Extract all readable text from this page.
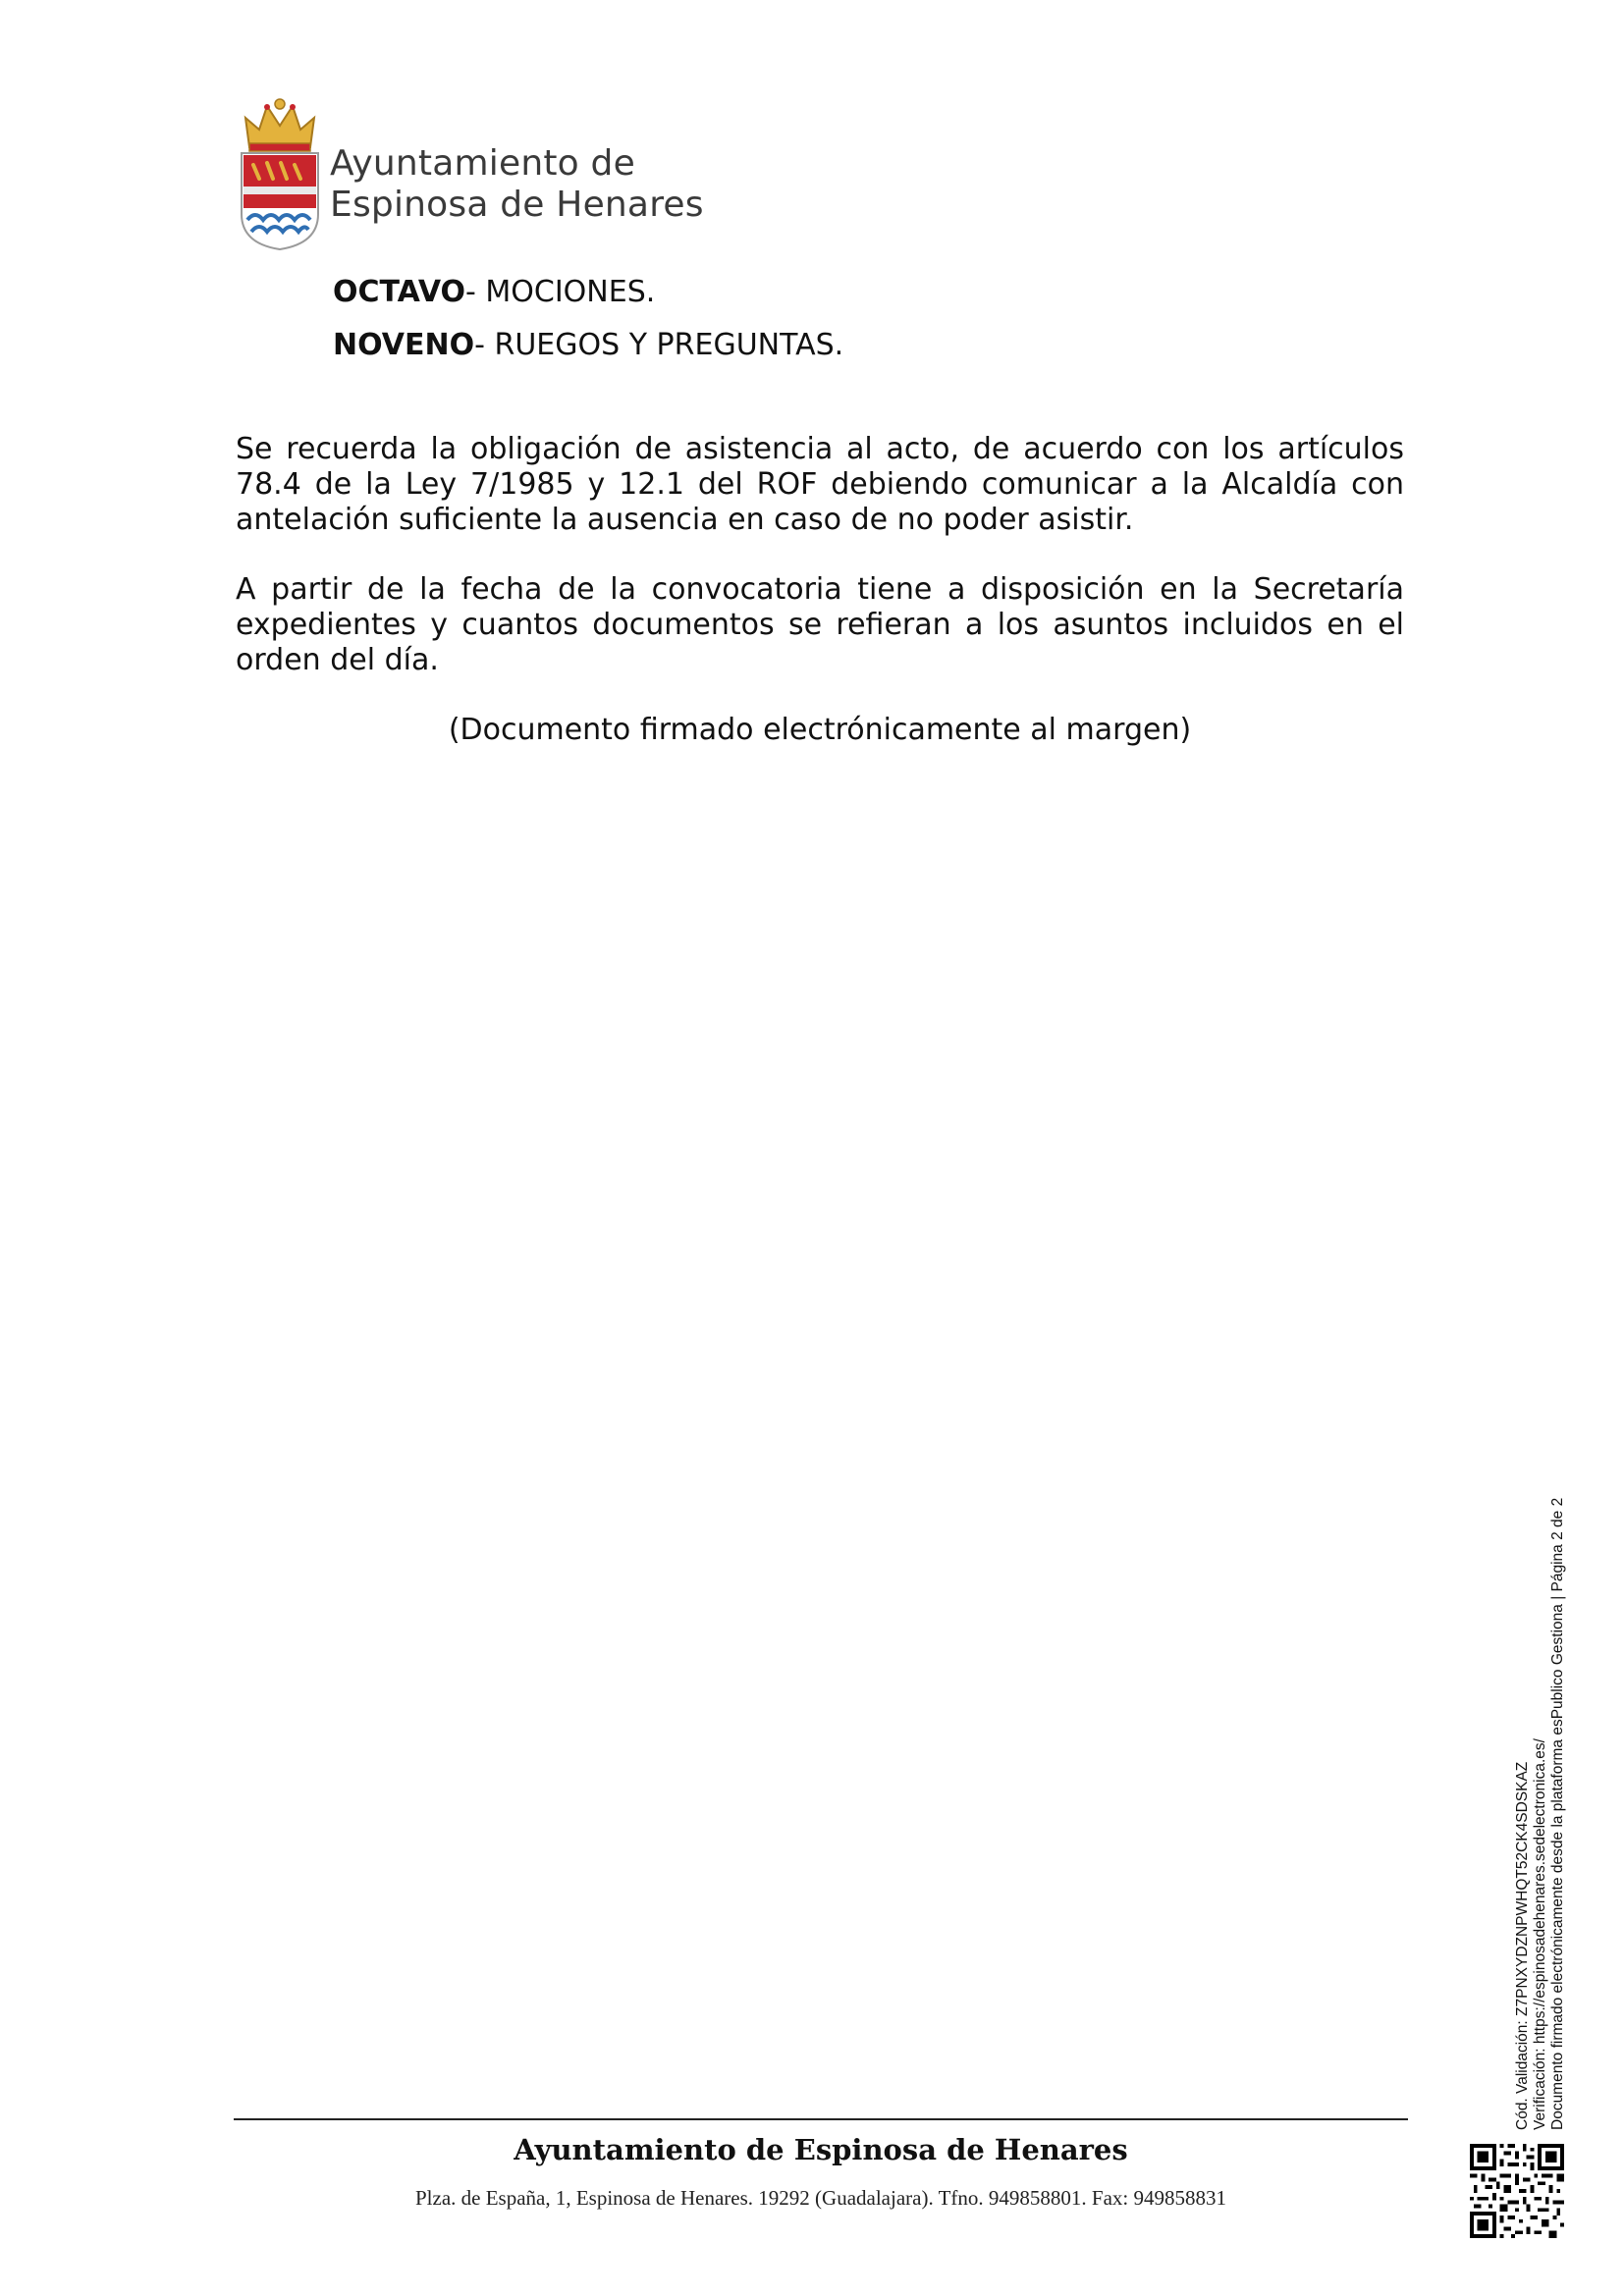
Ayuntamiento de
Espinosa de Henares
OCTAVO- MOCIONES.
NOVENO- RUEGOS Y PREGUNTAS.

Se recuerda la obligación de asistencia al acto, de acuerdo con los artículos 78.4 de la Ley 7/1985 y 12.1 del ROF debiendo comunicar a la Alcaldía con antelación suficiente la ausencia en caso de no poder asistir.

A partir de la fecha de la convocatoria tiene a disposición en la Secretaría expedientes y cuantos documentos se refieran a los asuntos incluidos en el orden del día.

(Documento firmado electrónicamente al margen)
Ayuntamiento de Espinosa de Henares
Plza. de España, 1, Espinosa de Henares. 19292 (Guadalajara). Tfno. 949858801. Fax: 949858831
Cód. Validación: Z7PNXYDZNPWHQT52CK4SDSKAZ Verificación: https://espinosadehenares.sedelectronica.es/ Documento firmado electrónicamente desde la plataforma esPublico Gestiona | Página 2 de 2
